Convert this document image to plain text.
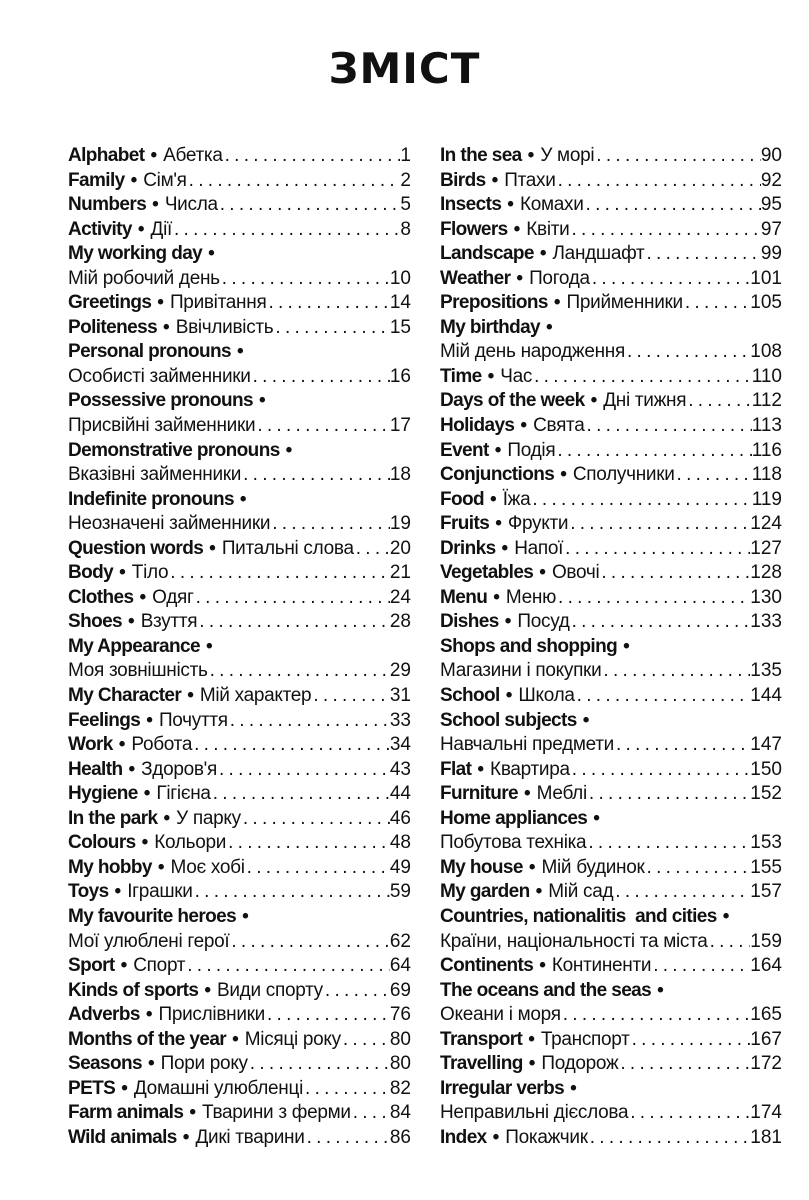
ЗМІСТ
Alphabet • Абетка . . .	1
Family • Сім'я . . .	2
Numbers • Числа . . .	5
Activity • Дії . . .	8
My working day •
Мій робочий день . . .	10
Greetings • Привітання . . .	14
Politeness • Ввічливість . . .	15
Personal pronouns •
Особисті займенники . . .	16
Possessive pronouns •
Присвійні займенники . . .	17
Demonstrative pronouns •
Вказівні займенники . . .	18
Indefinite pronouns •
Неозначені займенники . . .	19
Question words • Питальні слова . . . 20
Body • Тіло . . .	21
Clothes • Одяг . . .	24
Shoes • Взуття . . .	28
My Appearance •
Моя зовнішність . . .	29
My Character • Мій характер . . .	31
Feelings • Почуття . . .	33
Work • Робота . . .	34
Health • Здоров'я . . .	43
Hygiene • Гігієна . . .	44
In the park • У парку . . .	46
Colours • Кольори . . .	48
My hobby • Моє хобі . . .	49
Toys • Іграшки . . .	59
My favourite heroes •
Мої улюблені герої . . .	62
Sport • Спорт . . .	64
Kinds of sports • Види спорту . . .	69
Adverbs • Прислівники . . .	76
Months of the year • Місяці року . . .	80
Seasons • Пори року . . .	80
PETS • Домашні улюбленці . . .	82
Farm animals • Тварини з ферми . . . 84
Wild animals • Дикі тварини . . .	86
In the sea • У морі . . .	90
Birds • Птахи . . .	92
Insects • Комахи . . .	95
Flowers • Квіти . . .	97
Landscape • Ландшафт . . .	99
Weather • Погода . . .	101
Prepositions • Прийменники . . .	105
My birthday •
Мій день народження . . .	108
Time • Час . . .	110
Days of the week • Дні тижня . . .	112
Holidays • Свята . . .	113
Event • Подія . . .	116
Conjunctions • Сполучники . . .	118
Food • Їжа . . .	119
Fruits • Фрукти . . .	124
Drinks • Напої . . .	127
Vegetables • Овочі . . .	128
Menu • Меню . . .	130
Dishes • Посуд . . .	133
Shops and shopping •
Магазини і покупки . . .	135
School • Школа . . .	144
School subjects •
Навчальні предмети . . .	147
Flat • Квартира . . .	150
Furniture • Меблі . . .	152
Home appliances •
Побутова техніка . . .	153
My house • Мій будинок . . .	155
My garden • Мій сад . . .	157
Countries, nationalitis  and cities •
Країни, національності та міста . . . 159
Continents • Континенти . . .	164
The oceans and the seas •
Океани і моря . . .	165
Transport • Транспорт . . .	167
Travelling • Подорож . . .	172
Irregular verbs •
Неправильні дієслова . . .	174
Index • Покажчик . . .	181
